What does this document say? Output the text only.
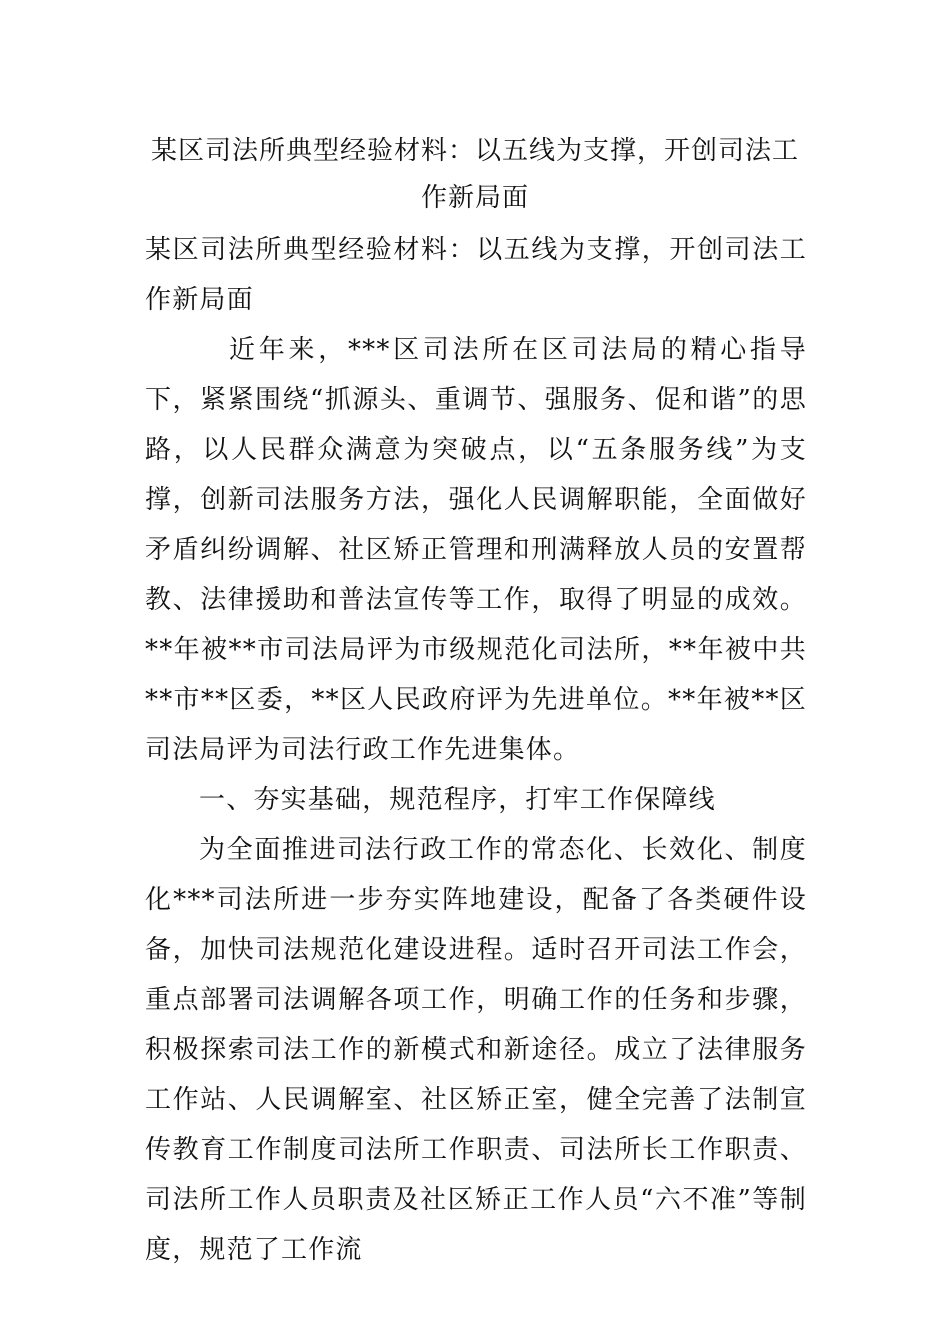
某区司法所典型经验材料：以五线为支撑，开创司法工作新局面

某区司法所典型经验材料：以五线为支撑，开创司法工作新局面

近年来，***区司法所在区司法局的精心指导下，紧紧围绕“抓源头、重调节、强服务、促和谐”的思路，以人民群众满意为突破点，以“五条服务线”为支撑，创新司法服务方法，强化人民调解职能，全面做好矛盾纠纷调解、社区矫正管理和刑满释放人员的安置帮教、法律援助和普法宣传等工作，取得了明显的成效。**年被**市司法局评为市级规范化司法所，**年被中共**市**区委，**区人民政府评为先进单位。**年被**区司法局评为司法行政工作先进集体。

一、夯实基础，规范程序，打牢工作保障线

为全面推进司法行政工作的常态化、长效化、制度化***司法所进一步夯实阵地建设，配备了各类硬件设备，加快司法规范化建设进程。适时召开司法工作会，重点部署司法调解各项工作，明确工作的任务和步骤，积极探索司法工作的新模式和新途径。成立了法律服务工作站、人民调解室、社区矫正室，健全完善了法制宣传教育工作制度司法所工作职责、司法所长工作职责、司法所工作人员职责及社区矫正工作人员“六不准”等制度，规范了工作流
